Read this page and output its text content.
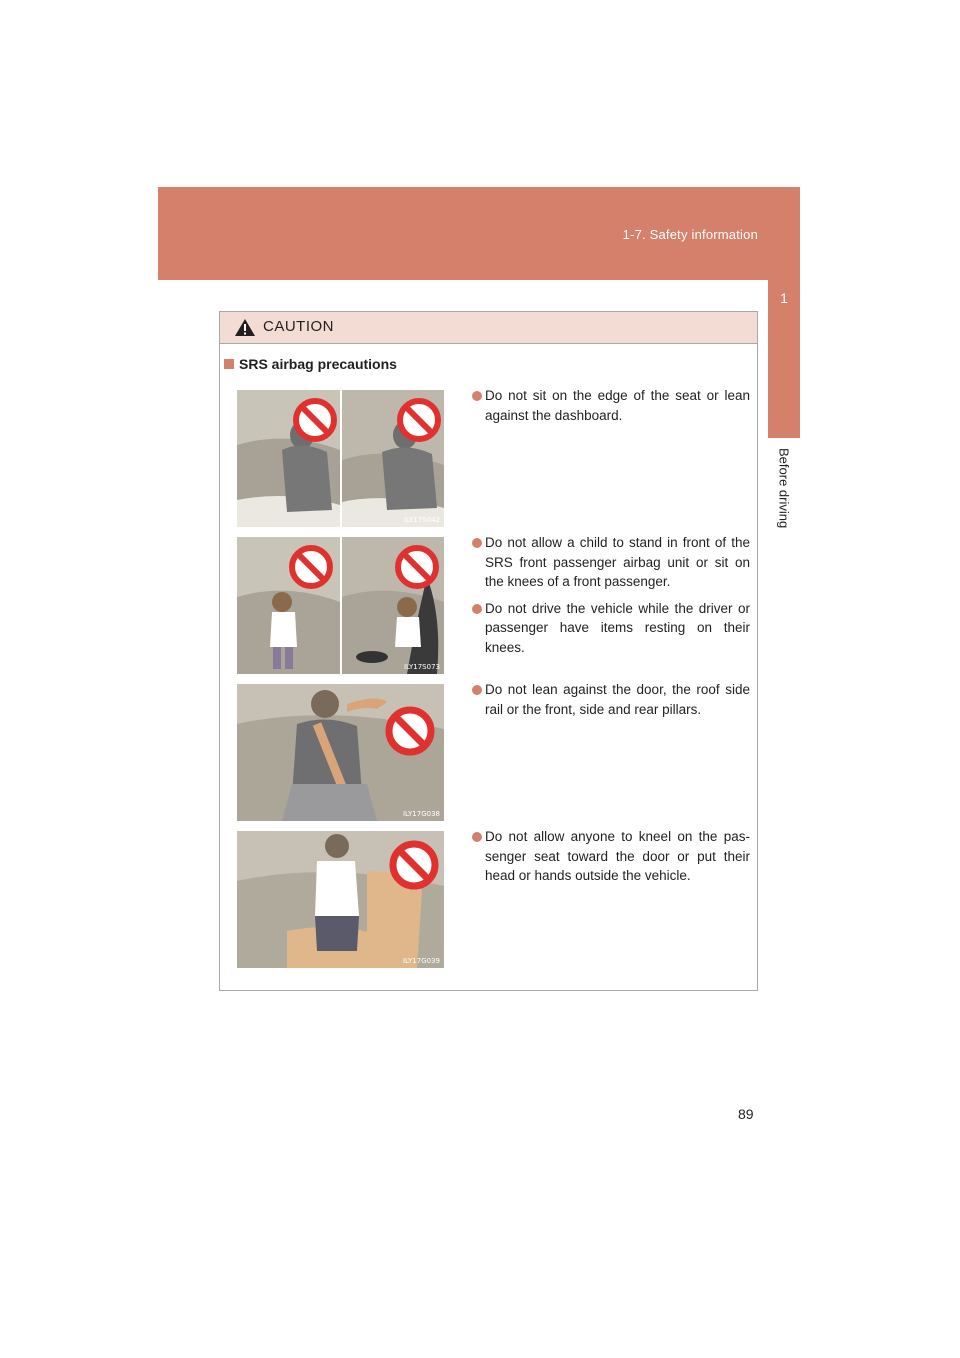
1-7. Safety information
1
Before driving
CAUTION
SRS airbag precautions
ILY17S042
ILY17S073
ILY17G038
ILY17G039
Do not sit on the edge of the seat or lean against the dashboard.
Do not allow a child to stand in front of the SRS front passenger airbag unit or sit on the knees of a front passenger.
Do not drive the vehicle while the driver or passenger have items resting on their knees.
Do not lean against the door, the roof side rail or the front, side and rear pillars.
Do not allow anyone to kneel on the pas-senger seat toward the door or put their head or hands outside the vehicle.
89
